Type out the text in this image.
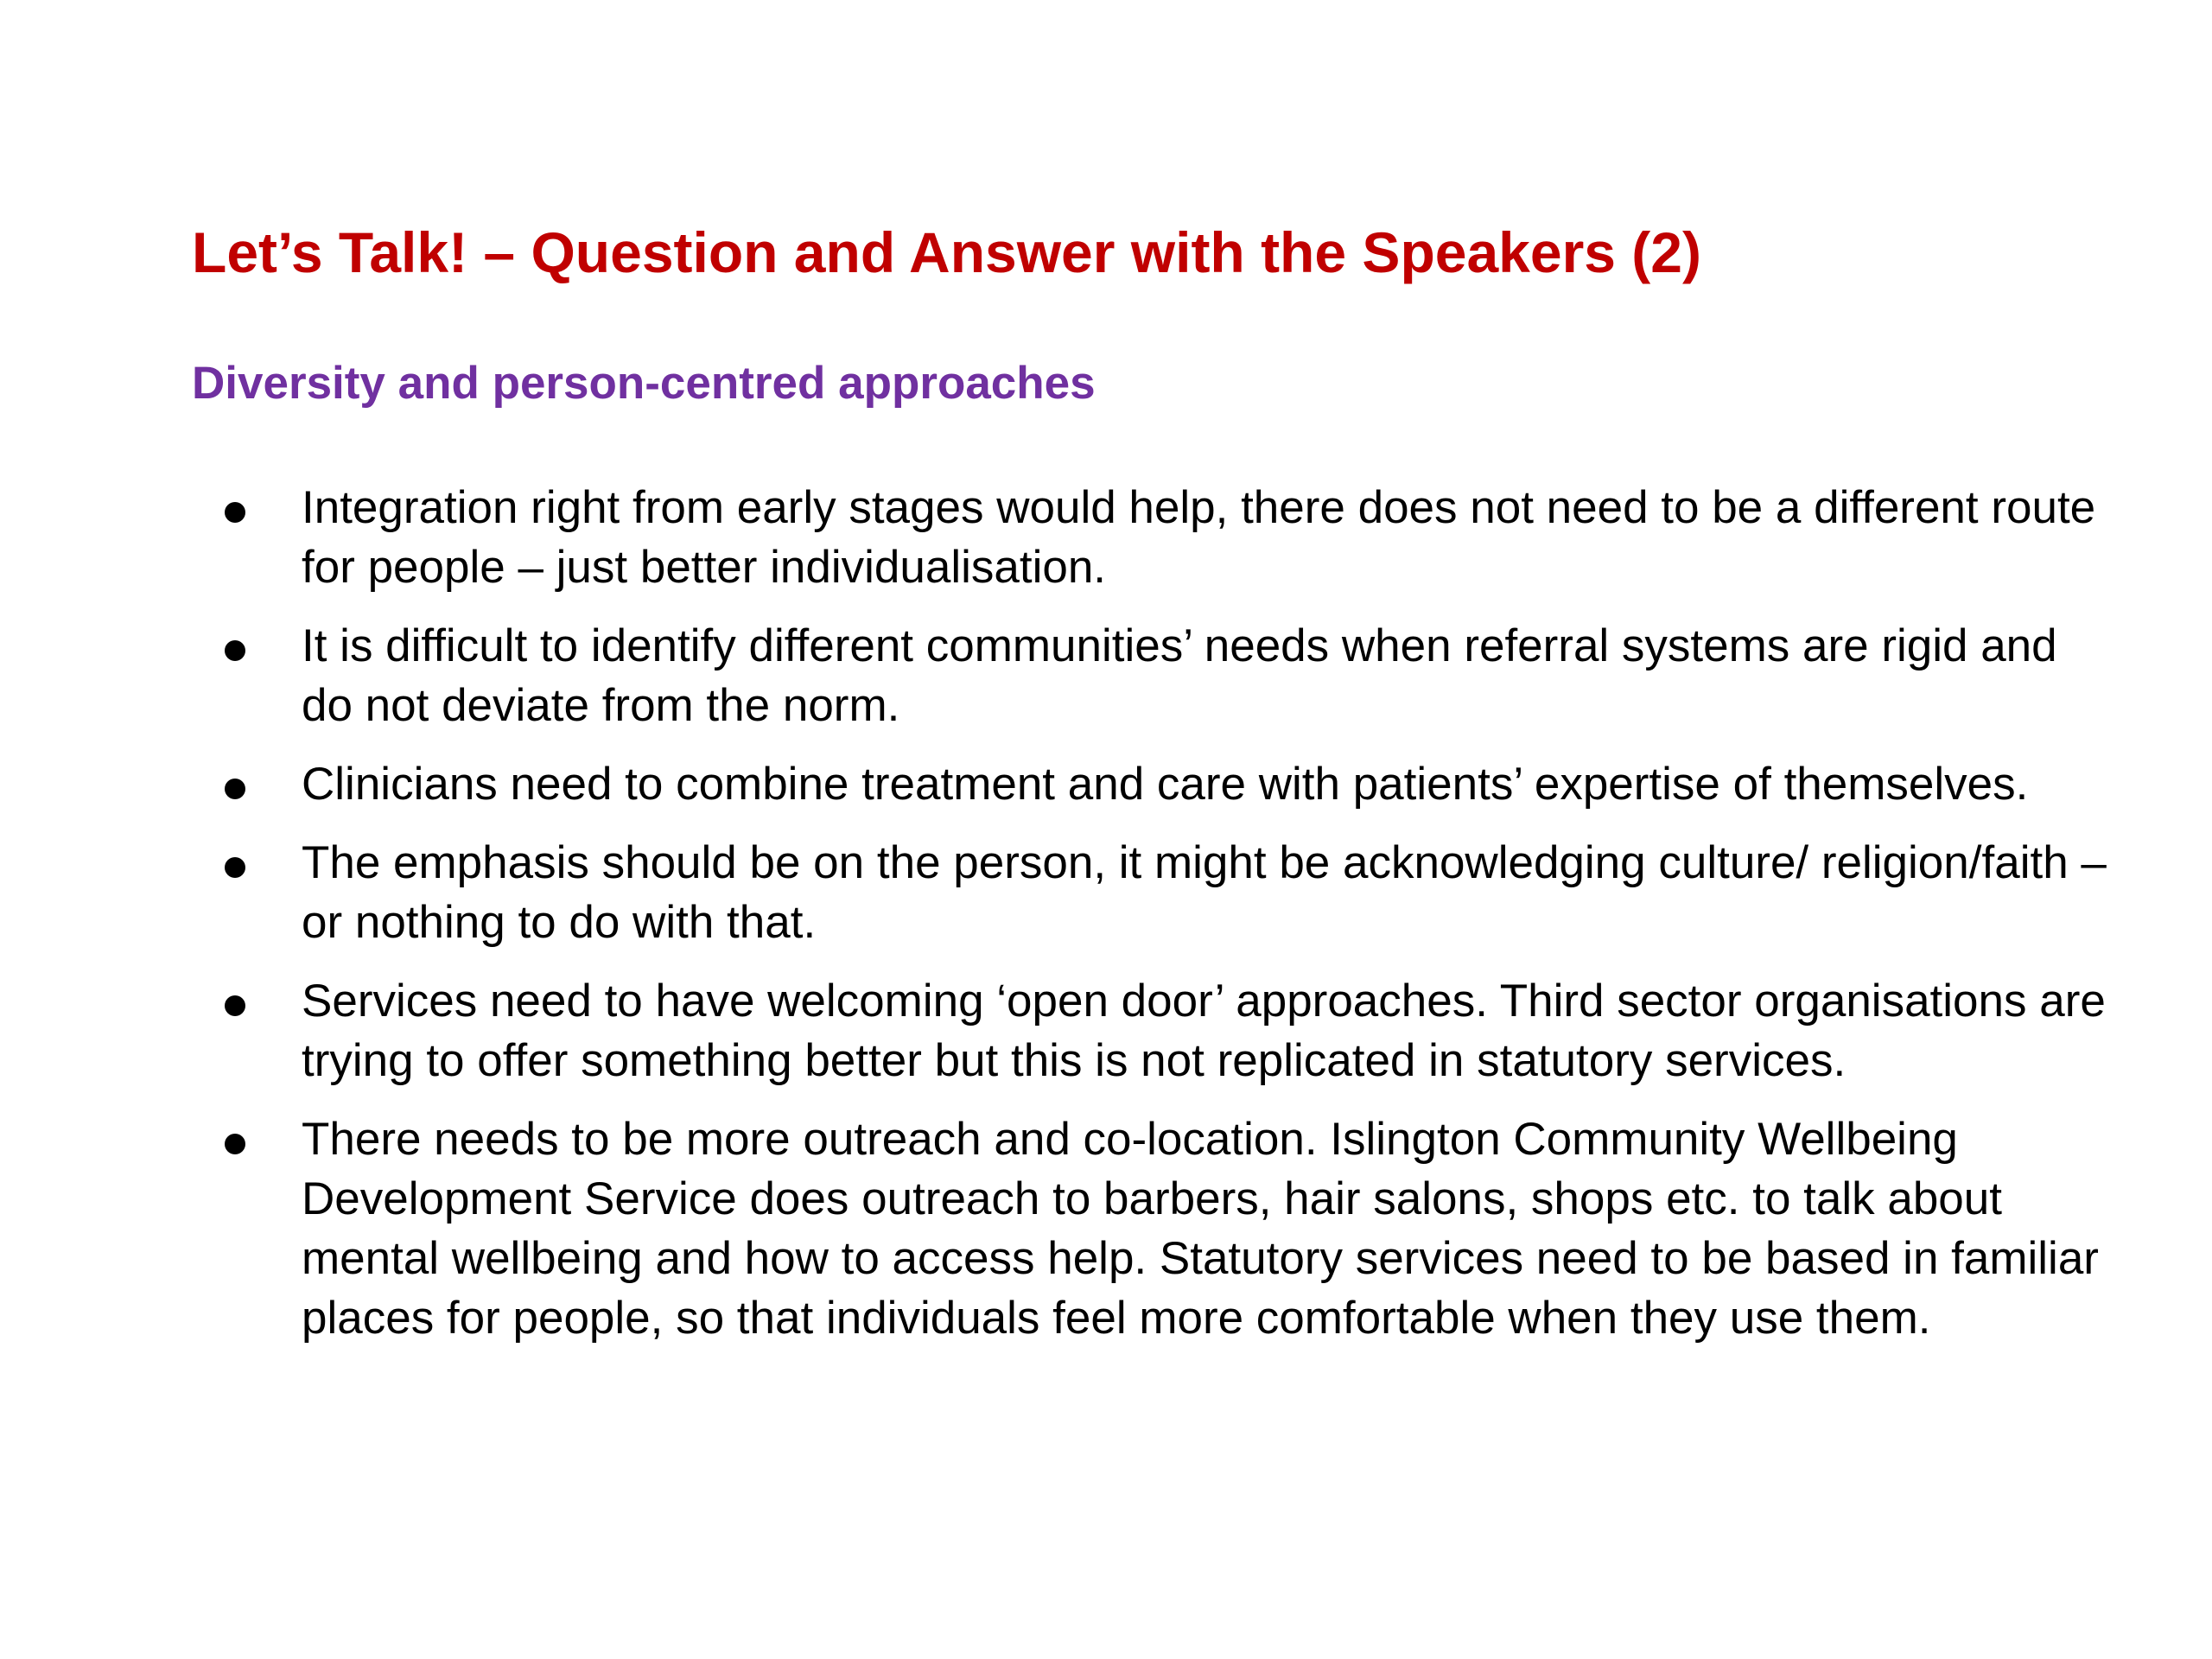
Let’s Talk! – Question and Answer with the Speakers (2)
Diversity and person-centred approaches
Integration right from early stages would help, there does not need to be a different route for people – just better individualisation.
It is difficult to identify different communities’ needs when referral systems are rigid and do not deviate from the norm.
Clinicians need to combine treatment and care with patients’ expertise of themselves.
The emphasis should be on the person, it might be acknowledging culture/ religion/faith – or nothing to do with that.
Services need to have welcoming ‘open door’ approaches. Third sector organisations are trying to offer something better but this is not replicated in statutory services.
There needs to be more outreach and co-location. Islington Community Wellbeing Development Service does outreach to barbers, hair salons, shops etc. to talk about mental wellbeing and how to access help. Statutory services need to be based in familiar places for people, so that individuals feel more comfortable when they use them.
